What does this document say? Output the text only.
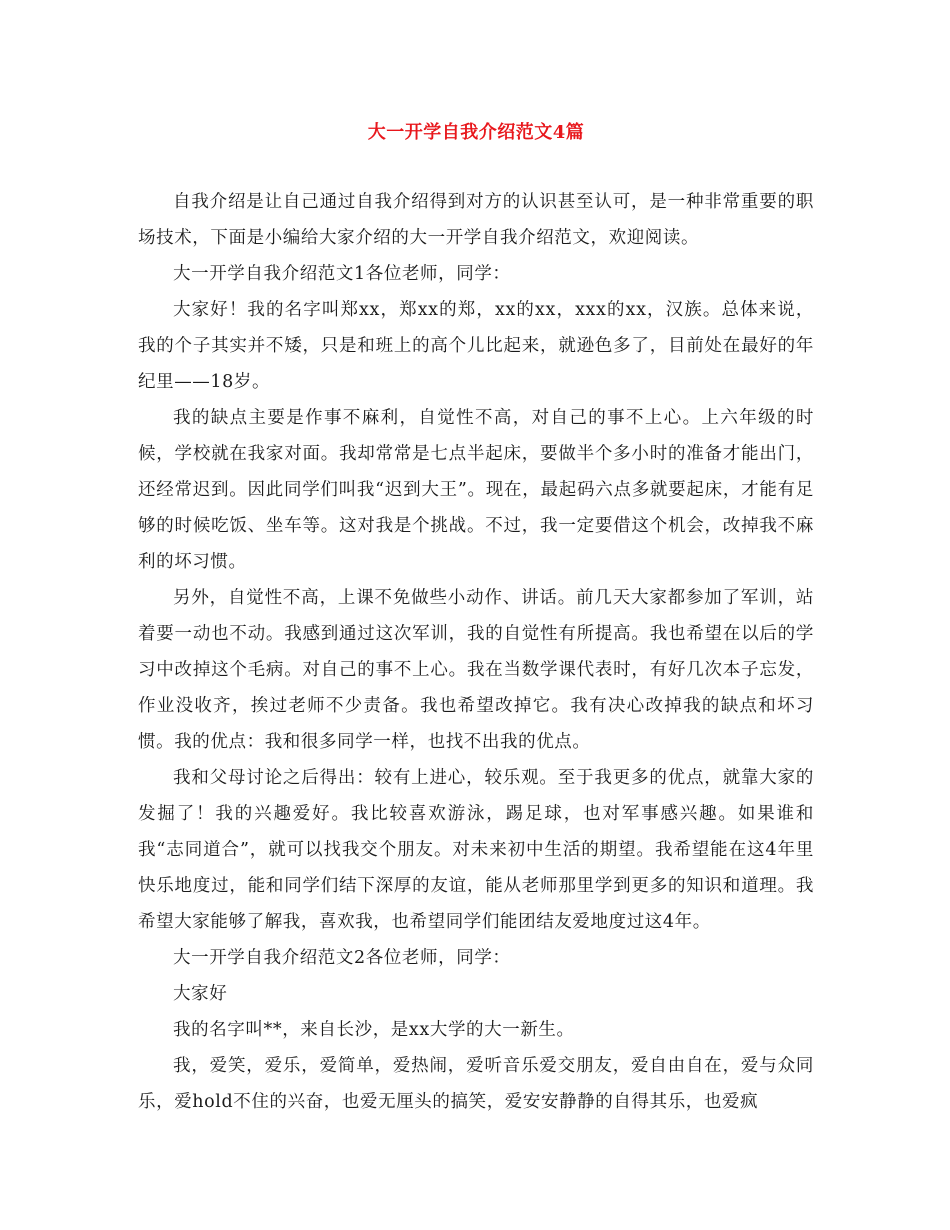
大一开学自我介绍范文4篇

自我介绍是让自己通过自我介绍得到对方的认识甚至认可，是一种非常重要的职场技术，下面是小编给大家介绍的大一开学自我介绍范文，欢迎阅读。

大一开学自我介绍范文1各位老师，同学：

大家好！我的名字叫郑xx，郑xx的郑，xx的xx，xxx的xx，汉族。总体来说，我的个子其实并不矮，只是和班上的高个儿比起来，就逊色多了，目前处在最好的年纪里——18岁。

我的缺点主要是作事不麻利，自觉性不高，对自己的事不上心。上六年级的时候，学校就在我家对面。我却常常是七点半起床，要做半个多小时的准备才能出门，还经常迟到。因此同学们叫我“迟到大王”。现在，最起码六点多就要起床，才能有足够的时候吃饭、坐车等。这对我是个挑战。不过，我一定要借这个机会，改掉我不麻利的坏习惯。

另外，自觉性不高，上课不免做些小动作、讲话。前几天大家都参加了军训，站着要一动也不动。我感到通过这次军训，我的自觉性有所提高。我也希望在以后的学习中改掉这个毛病。对自己的事不上心。我在当数学课代表时，有好几次本子忘发，作业没收齐，挨过老师不少责备。我也希望改掉它。我有决心改掉我的缺点和坏习惯。我的优点：我和很多同学一样，也找不出我的优点。

我和父母讨论之后得出：较有上进心，较乐观。至于我更多的优点，就靠大家的发掘了！我的兴趣爱好。我比较喜欢游泳，踢足球，也对军事感兴趣。如果谁和我“志同道合”，就可以找我交个朋友。对未来初中生活的期望。我希望能在这4年里快乐地度过，能和同学们结下深厚的友谊，能从老师那里学到更多的知识和道理。我希望大家能够了解我，喜欢我，也希望同学们能团结友爱地度过这4年。

大一开学自我介绍范文2各位老师，同学：

大家好

我的名字叫**，来自长沙，是xx大学的大一新生。

我，爱笑，爱乐，爱简单，爱热闹，爱听音乐爱交朋友，爱自由自在，爱与众同乐，爱hold不住的兴奋，也爱无厘头的搞笑，爱安安静静的自得其乐，也爱疯
